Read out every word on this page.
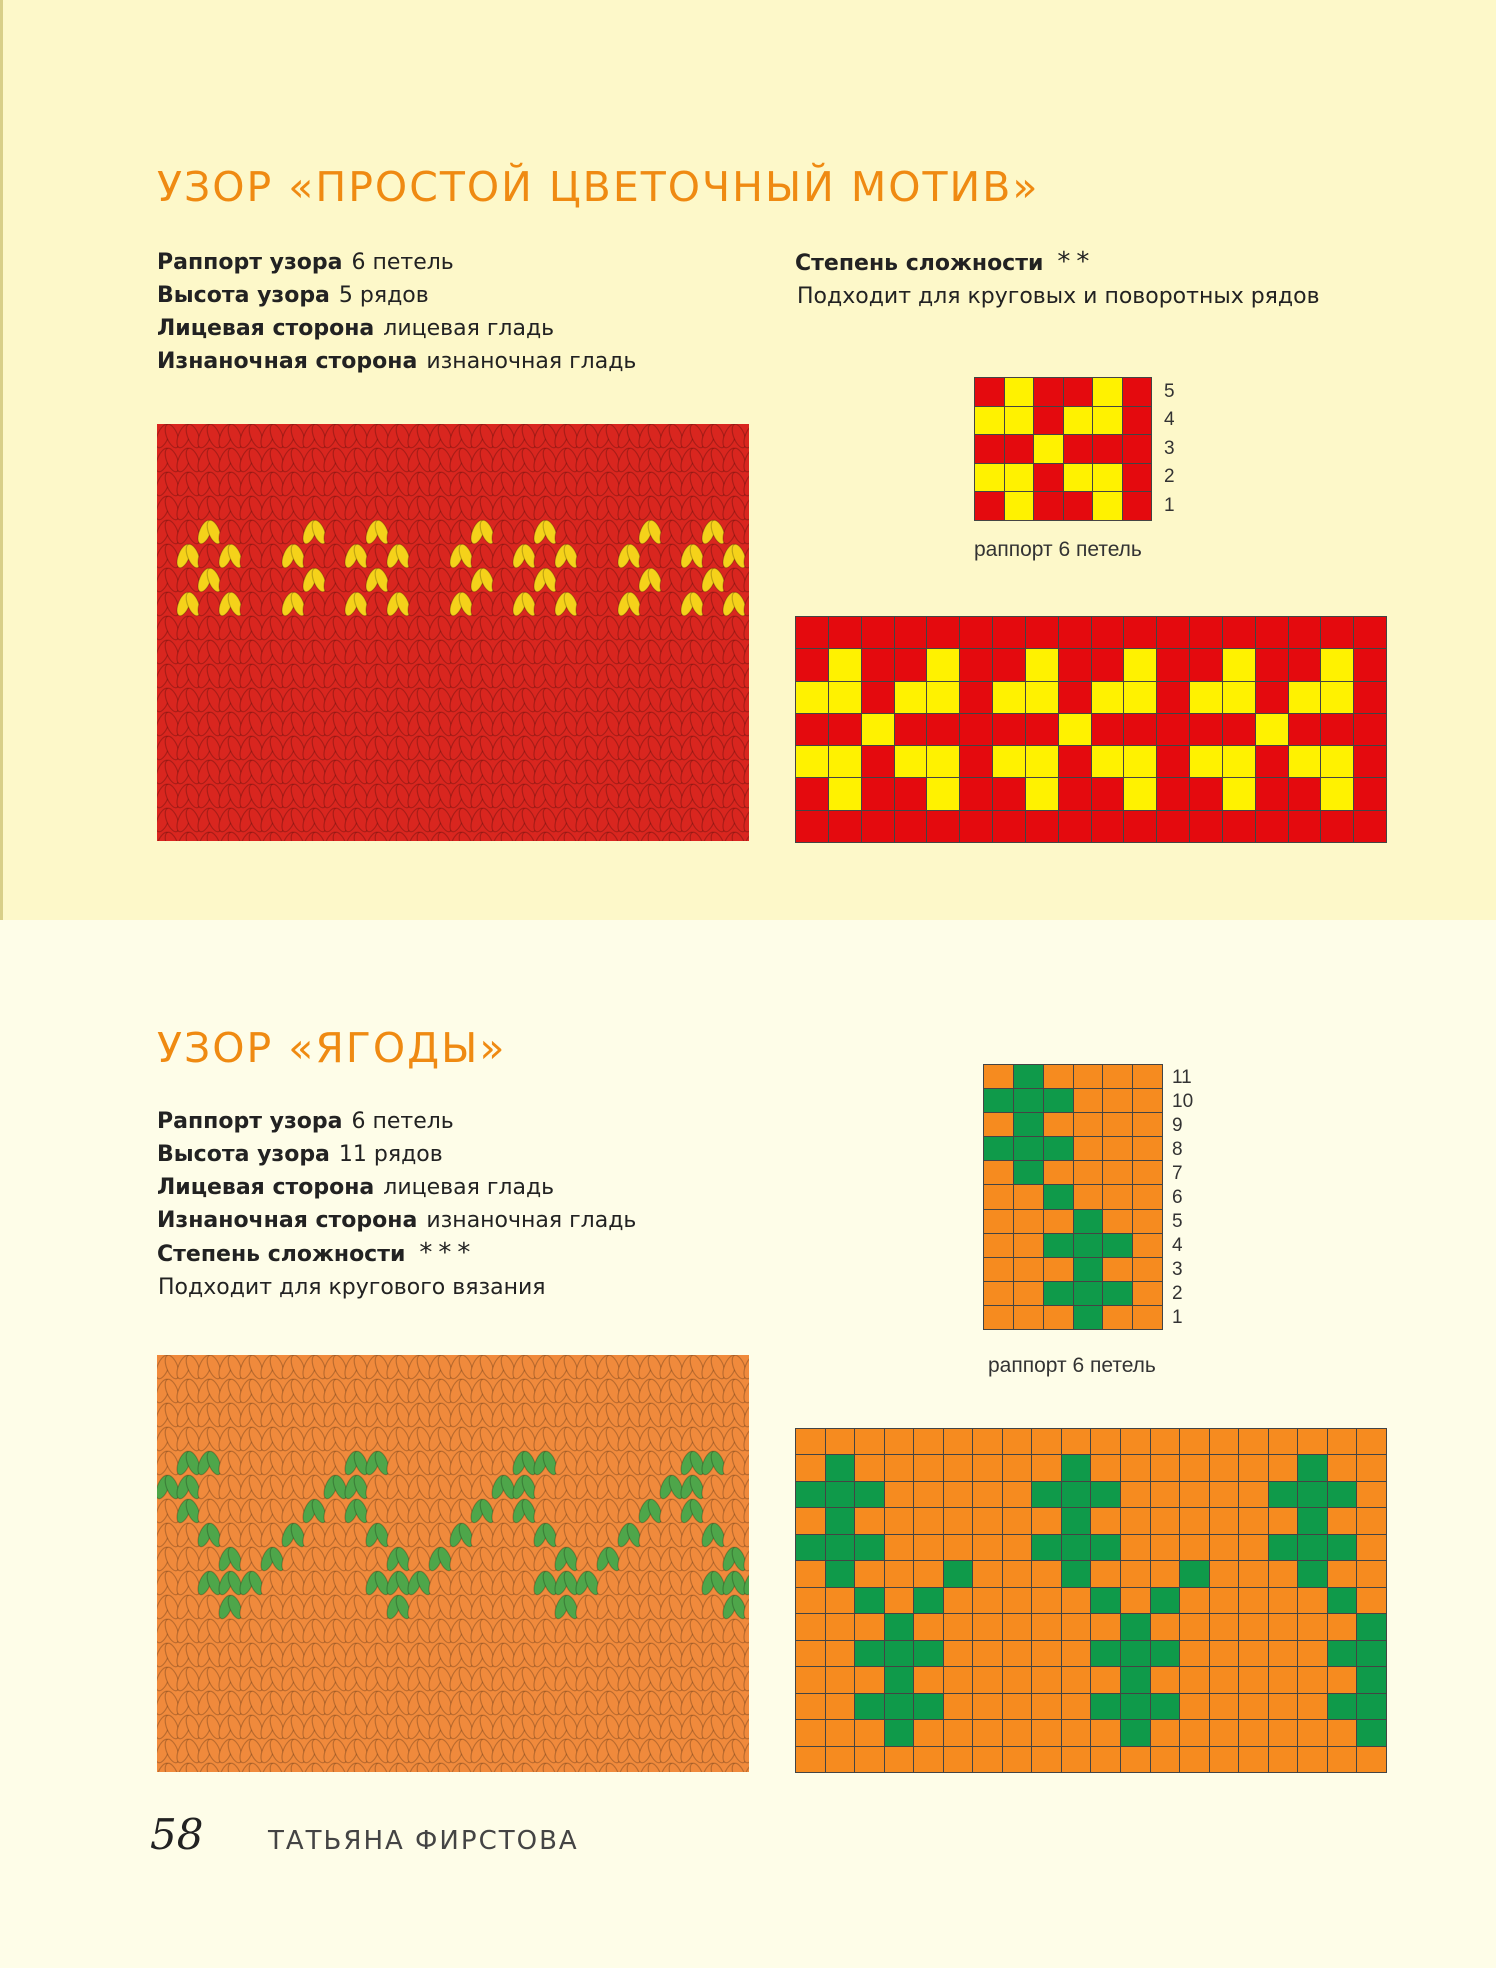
УЗОР «ПРОСТОЙ ЦВЕТОЧНЫЙ МОТИВ»
Раппорт узора 6 петель
Высота узора 5 рядов
Лицевая сторона лицевая гладь
Изнаночная сторона изнаночная гладь
Степень сложности **
Подходит для круговых и поворотных рядов
5
4
3
2
1
раппорт 6 петель
УЗОР «ЯГОДЫ»
Раппорт узора 6 петель
Высота узора 11 рядов
Лицевая сторона лицевая гладь
Изнаночная сторона изнаночная гладь
Степень сложности ***
Подходит для кругового вязания
11
10
9
8
7
6
5
4
3
2
1
раппорт 6 петель
58 ТАТЬЯНА ФИРСТОВА
